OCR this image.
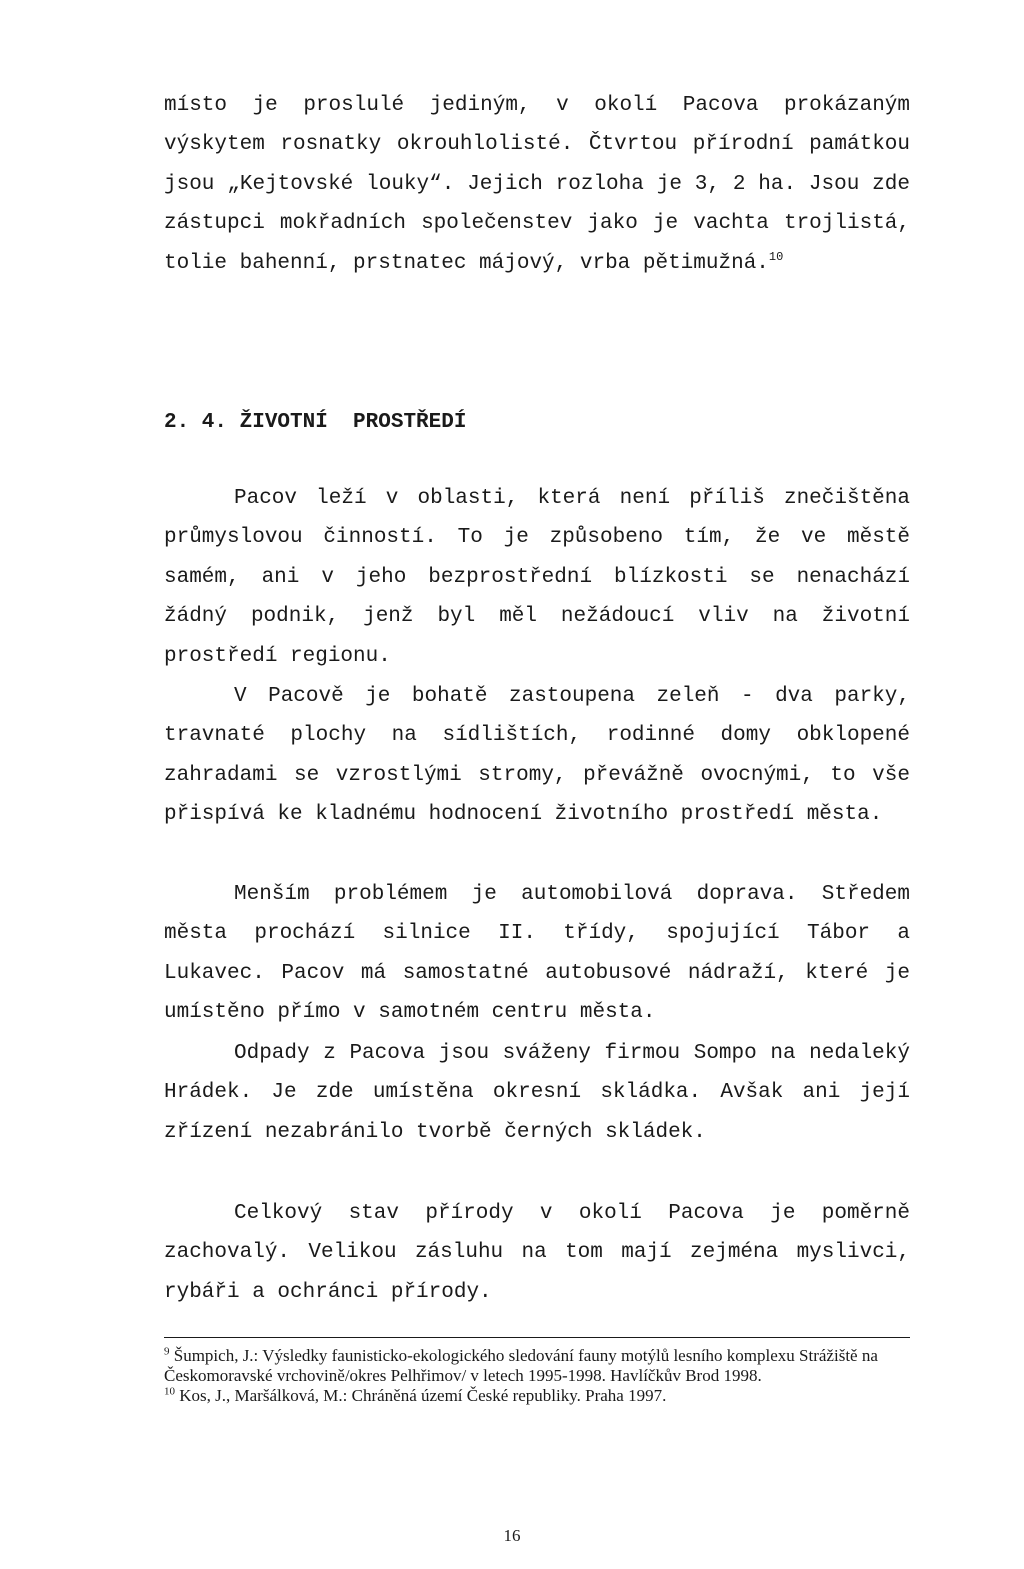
místo je proslulé jediným, v okolí Pacova prokázaným výskytem rosnatky okrouhlolisté. Čtvrtou přírodní památkou jsou „Kejtovské louky“. Jejich rozloha je 3, 2 ha. Jsou zde zástupci mokřadních společenstev jako je vachta trojlistá, tolie bahenní, prstnatec májový, vrba pětimužná.$^{10}$

2. 4. ŽIVOTNÍ  PROSTŘEDÍ

Pacov leží v oblasti, která není příliš znečištěna průmyslovou činností. To je způsobeno tím, že ve městě samém, ani v jeho bezprostřední blízkosti se nenachází žádný podnik, jenž byl měl nežádoucí vliv na životní prostředí regionu.

V Pacově je bohatě zastoupena zeleň - dva parky, travnaté plochy na sídlištích, rodinné domy obklopené zahradami se vzrostlými stromy, převážně ovocnými, to vše přispívá ke kladnému hodnocení životního prostředí města.

Menším problémem je automobilová doprava. Středem města prochází silnice II. třídy, spojující Tábor a Lukavec. Pacov má samostatné autobusové nádraží, které je umístěno přímo v samotném centru města.

Odpady z Pacova jsou sváženy firmou Sompo na nedaleký Hrádek. Je zde umístěna okresní skládka. Avšak ani její zřízení nezabránilo tvorbě černých skládek.

Celkový stav přírody v okolí Pacova je poměrně zachovalý. Velikou zásluhu na tom mají zejména myslivci, rybáři a ochránci přírody.

$^9$ Šumpich, J.: Výsledky faunisticko-ekologického sledování fauny motýlů lesního komplexu Strážiště na Českomoravské vrchovině/okres Pelhřimov/ v letech 1995-1998. Havlíčkův Brod 1998.

$^{10}$ Kos, J., Maršálková, M.: Chráněná území České republiky. Praha 1997.

16
